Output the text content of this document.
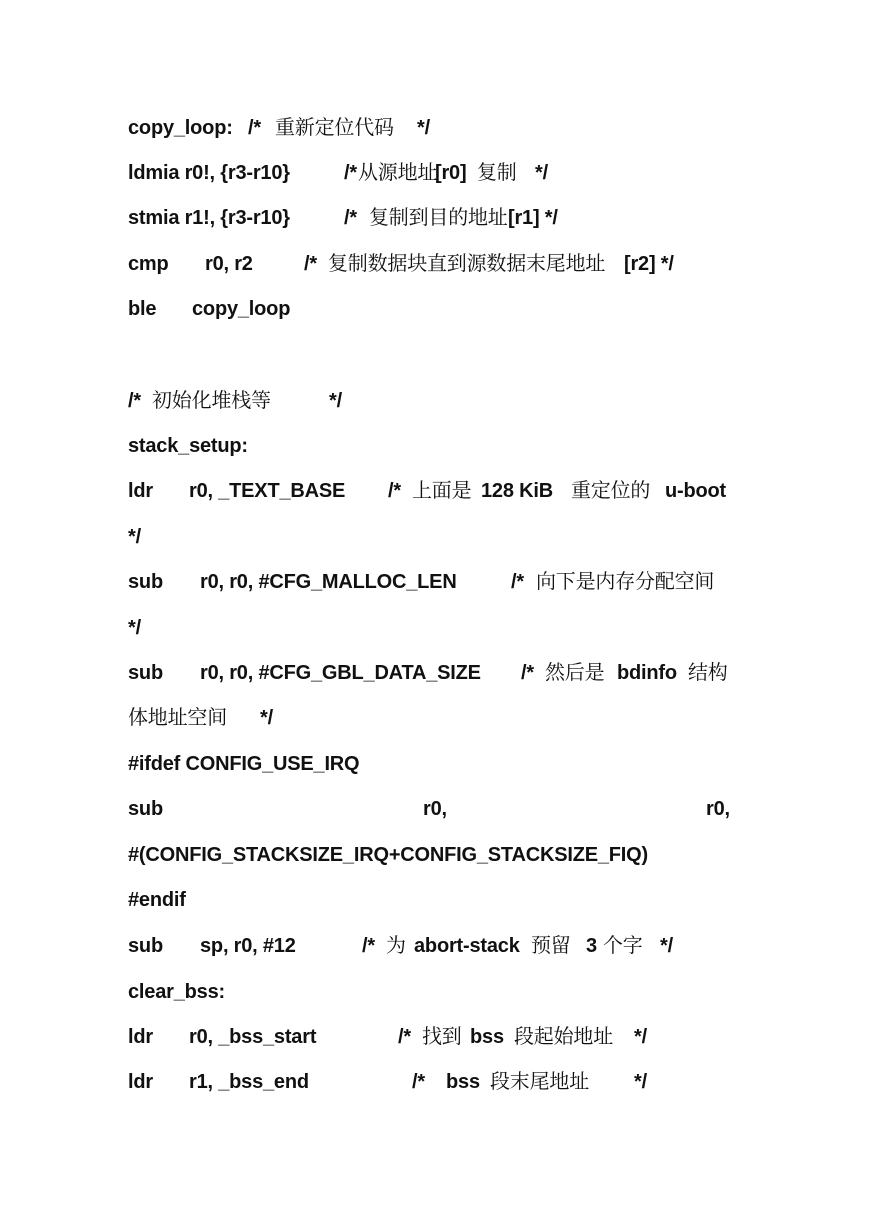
copy_loop: /* 重新定位代码 */
ldmia r0!, {r3-r10}	/* 从源地址
[r0] 复制 */
stmia r1!, {r3-r10}	/* 复制到目的地址 [r1] */
cmp r0, r2	/* 复制数据块直到源数据末尾地址 [r2] */
ble copy_loop
/* 初始化堆栈等	*/
stack_setup:
ldr r0, _TEXT_BASE /* 上面是 128 KiB 重定位的 u-boot
*/
sub r0, r0, #CFG_MALLOC_LEN	/* 向下是内存分配空间
*/
sub r0, r0, #CFG_GBL_DATA_SIZE /* 然后是 bdinfo 结构
体地址空间 */
#ifdef CONFIG_USE_IRQ
sub	r0,	r0,
#(CONFIG_STACKSIZE_IRQ+CONFIG_STACKSIZE_FIQ)
#endif
sub sp, r0, #12	/* 为 abort-stack 预留 3 个字 */
clear_bss:
ldr r0, _bss_start	/* 找到 bss 段起始地址 */
ldr r1, _bss_end	/* bss 段末尾地址 */
